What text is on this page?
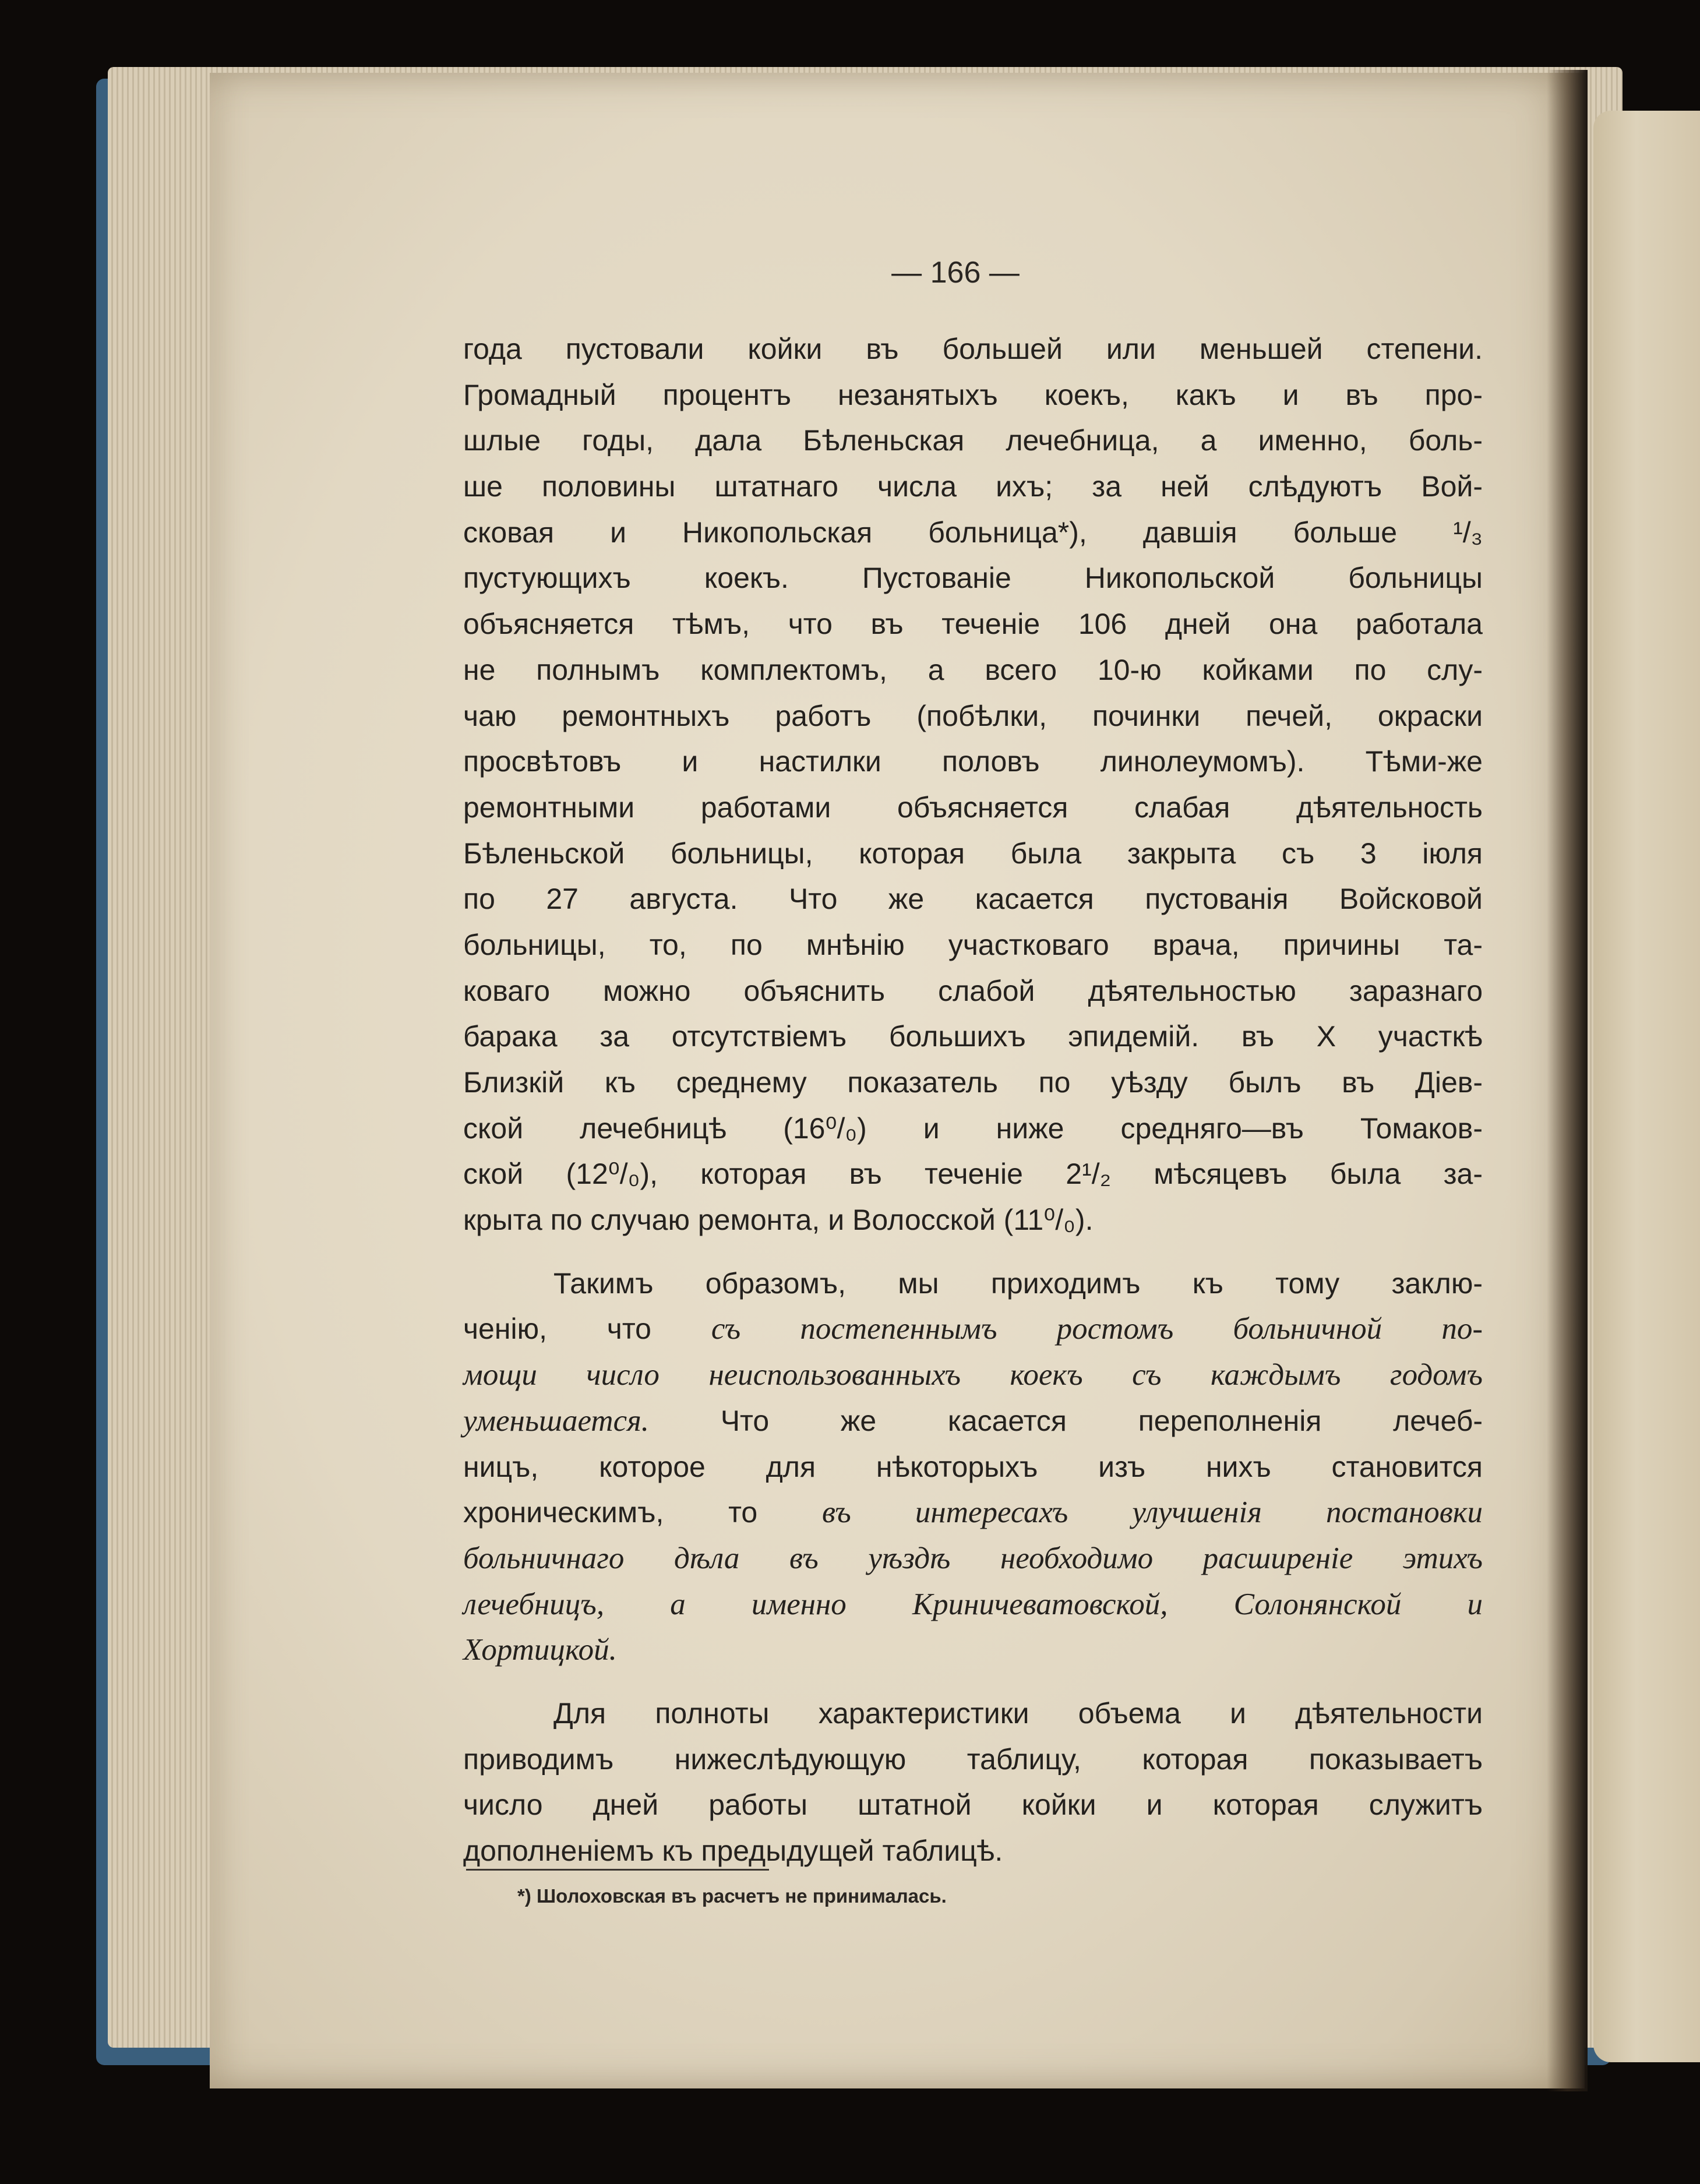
— 166 —
года пустовали койки въ большей или меньшей степени.
Громадный процентъ незанятыхъ коекъ, какъ и въ про-
шлые годы, дала Бѣленьская лечебница, а именно, боль-
ше половины штатнаго числа ихъ; за ней слѣдуютъ Вой-
сковая и Никопольская больница*), давшія больше ¹/₃
пустующихъ коекъ. Пустованіе Никопольской больницы
объясняется тѣмъ, что въ теченіе 106 дней она работала
не полнымъ комплектомъ, а всего 10-ю койками по слу-
чаю ремонтныхъ работъ (побѣлки, починки печей, окраски
просвѣтовъ и настилки половъ линолеумомъ). Тѣми-же
ремонтными работами объясняется слабая дѣятельность
Бѣленьской больницы, которая была закрыта съ 3 іюля
по 27 августа. Что же касается пустованія Войсковой
больницы, то, по мнѣнію участковаго врача, причины та-
коваго можно объяснить слабой дѣятельностью заразнаго
барака за отсутствіемъ большихъ эпидемій. въ X участкѣ
Близкій къ среднему показатель по уѣзду былъ въ Діев-
ской лечебницѣ (16⁰/₀) и ниже средняго—въ Томаков-
ской (12⁰/₀), которая въ теченіе 2¹/₂ мѣсяцевъ была за-
крыта по случаю ремонта, и Волосской (11⁰/₀).
Такимъ образомъ, мы приходимъ къ тому заклю-
ченію, что съ постепеннымъ ростомъ больничной по-
мощи число неиспользованныхъ коекъ съ каждымъ годомъ
уменьшается. Что же касается переполненія лечеб-
ницъ, которое для нѣкоторыхъ изъ нихъ становится
хроническимъ, то въ интересахъ улучшенія постановки
больничнаго дѣла въ уѣздѣ необходимо расширеніе этихъ
лечебницъ, а именно Криничеватовской, Солонянской и
Хортицкой.
Для полноты характеристики объема и дѣятельности
приводимъ нижеслѣдующую таблицу, которая показываетъ
число дней работы штатной койки и которая служитъ
дополненіемъ къ предыдущей таблицѣ.
*) Шолоховская въ расчетъ не принималась.
